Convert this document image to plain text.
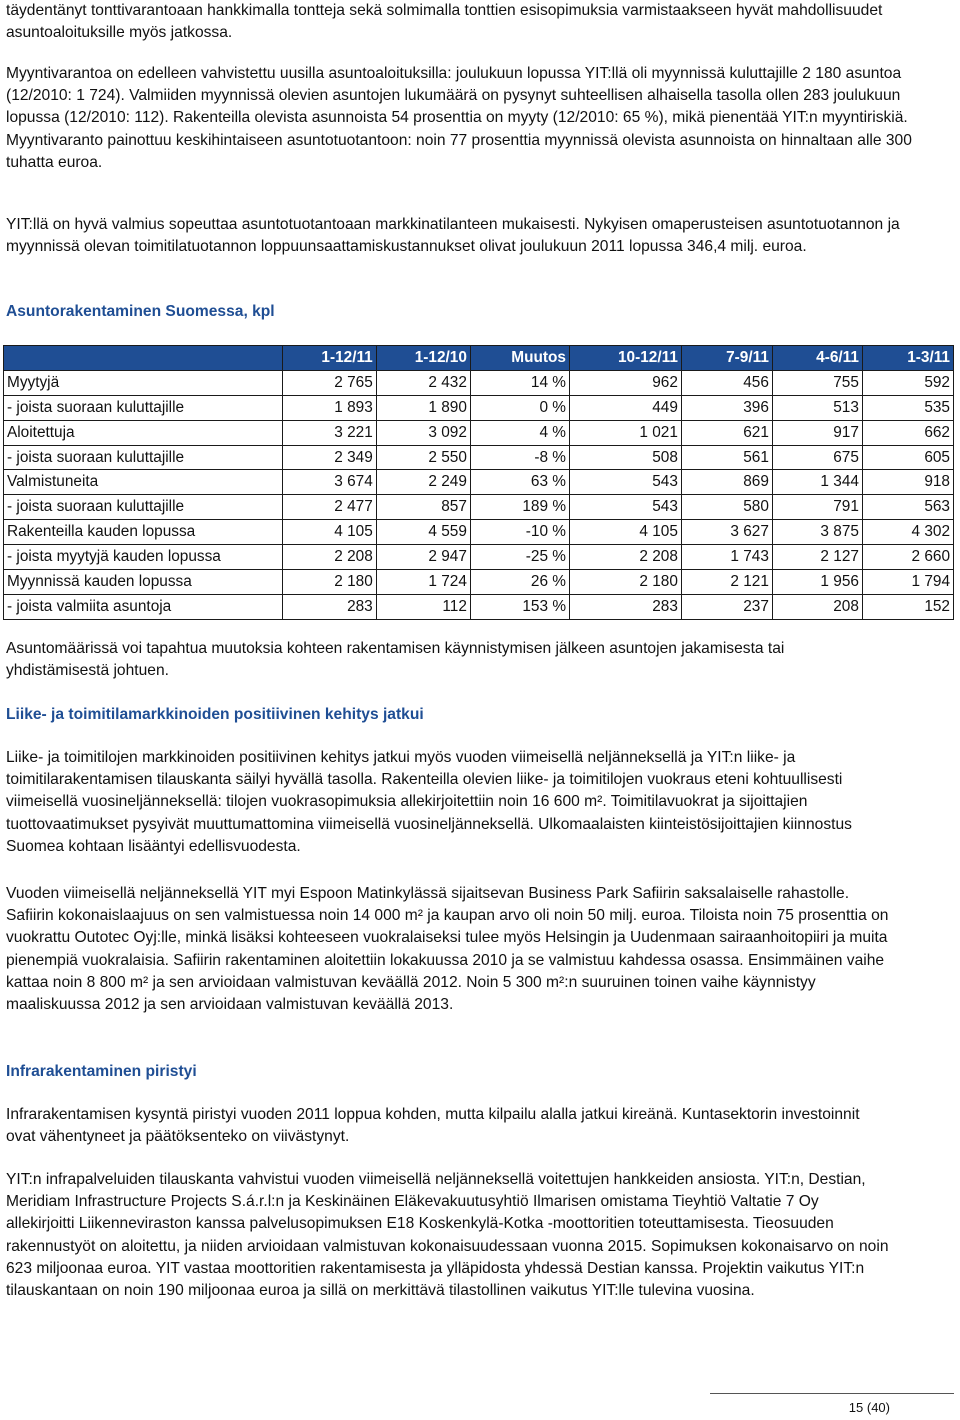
täydentänyt tonttivarantoaan hankkimalla tontteja sekä solmimalla tonttien esisopimuksia varmistaakseen hyvät mahdollisuudet asuntoaloituksille myös jatkossa.

Myyntivarantoa on edelleen vahvistettu uusilla asuntoaloituksilla: joulukuun lopussa YIT:llä oli myynnissä kuluttajille 2 180 asuntoa (12/2010: 1 724). Valmiiden myynnissä olevien asuntojen lukumäärä on pysynyt suhteellisen alhaisella tasolla ollen 283 joulukuun lopussa (12/2010: 112). Rakenteilla olevista asunnoista 54 prosenttia on myyty (12/2010: 65 %), mikä pienentää YIT:n myyntiriskiä. Myyntivaranto painottuu keskihintaiseen asuntotuotantoon: noin 77 prosenttia myynnissä olevista asunnoista on hinnaltaan alle 300 tuhatta euroa.

YIT:llä on hyvä valmius sopeuttaa asuntotuotantoaan markkinatilanteen mukaisesti. Nykyisen omaperusteisen asuntotuotannon ja myynnissä olevan toimitilatuotannon loppuunsaattamiskustannukset olivat joulukuun 2011 lopussa 346,4 milj. euroa.

Asuntorakentaminen Suomessa, kpl
	1-12/11	1-12/10	Muutos	10-12/11	7-9/11	4-6/11	1-3/11
Myytyjä	2 765	2 432	14 %	962	456	755	592
- joista suoraan kuluttajille	1 893	1 890	0 %	449	396	513	535
Aloitettuja	3 221	3 092	4 %	1 021	621	917	662
- joista suoraan kuluttajille	2 349	2 550	-8 %	508	561	675	605
Valmistuneita	3 674	2 249	63 %	543	869	1 344	918
- joista suoraan kuluttajille	2 477	857	189 %	543	580	791	563
Rakenteilla kauden lopussa	4 105	4 559	-10 %	4 105	3 627	3 875	4 302
- joista myytyjä kauden lopussa	2 208	2 947	-25 %	2 208	1 743	2 127	2 660
Myynnissä kauden lopussa	2 180	1 724	26 %	2 180	2 121	1 956	1 794
- joista valmiita asuntoja	283	112	153 %	283	237	208	152

Asuntomäärissä voi tapahtua muutoksia kohteen rakentamisen käynnistymisen jälkeen asuntojen jakamisesta tai yhdistämisestä johtuen.

Liike- ja toimitilamarkkinoiden positiivinen kehitys jatkui

Liike- ja toimitilojen markkinoiden positiivinen kehitys jatkui myös vuoden viimeisellä neljänneksellä ja YIT:n liike- ja toimitilarakentamisen tilauskanta säilyi hyvällä tasolla. Rakenteilla olevien liike- ja toimitilojen vuokraus eteni kohtuullisesti viimeisellä vuosineljänneksellä: tilojen vuokrasopimuksia allekirjoitettiin noin 16 600 m². Toimitilavuokrat ja sijoittajien tuottovaatimukset pysyivät muuttumattomina viimeisellä vuosineljänneksellä. Ulkomaalaisten kiinteistösijoittajien kiinnostus Suomea kohtaan lisääntyi edellisvuodesta.

Vuoden viimeisellä neljänneksellä YIT myi Espoon Matinkylässä sijaitsevan Business Park Safiirin saksalaiselle rahastolle. Safiirin kokonaislaajuus on sen valmistuessa noin 14 000 m² ja kaupan arvo oli noin 50 milj. euroa. Tiloista noin 75 prosenttia on vuokrattu Outotec Oyj:lle, minkä lisäksi kohteeseen vuokralaiseksi tulee myös Helsingin ja Uudenmaan sairaanhoitopiiri ja muita pienempiä vuokralaisia. Safiirin rakentaminen aloitettiin lokakuussa 2010 ja se valmistuu kahdessa osassa. Ensimmäinen vaihe kattaa noin 8 800 m² ja sen arvioidaan valmistuvan keväällä 2012. Noin 5 300 m²:n suuruinen toinen vaihe käynnistyy maaliskuussa 2012 ja sen arvioidaan valmistuvan keväällä 2013.

Infrarakentaminen piristyi

Infrarakentamisen kysyntä piristyi vuoden 2011 loppua kohden, mutta kilpailu alalla jatkui kireänä. Kuntasektorin investoinnit ovat vähentyneet ja päätöksenteko on viivästynyt.

YIT:n infrapalveluiden tilauskanta vahvistui vuoden viimeisellä neljänneksellä voitettujen hankkeiden ansiosta. YIT:n, Destian, Meridiam Infrastructure Projects S.á.r.l:n ja Keskinäinen Eläkevakuutusyhtiö Ilmarisen omistama Tieyhtiö Valtatie 7 Oy allekirjoitti Liikenneviraston kanssa palvelusopimuksen E18 Koskenkylä-Kotka -moottoritien toteuttamisesta. Tieosuuden rakennustyöt on aloitettu, ja niiden arvioidaan valmistuvan kokonaisuudessaan vuonna 2015. Sopimuksen kokonaisarvo on noin 623 miljoonaa euroa. YIT vastaa moottoritien rakentamisesta ja ylläpidosta yhdessä Destian kanssa. Projektin vaikutus YIT:n tilauskantaan on noin 190 miljoonaa euroa ja sillä on merkittävä tilastollinen vaikutus YIT:lle tulevina vuosina.

15 (40)
